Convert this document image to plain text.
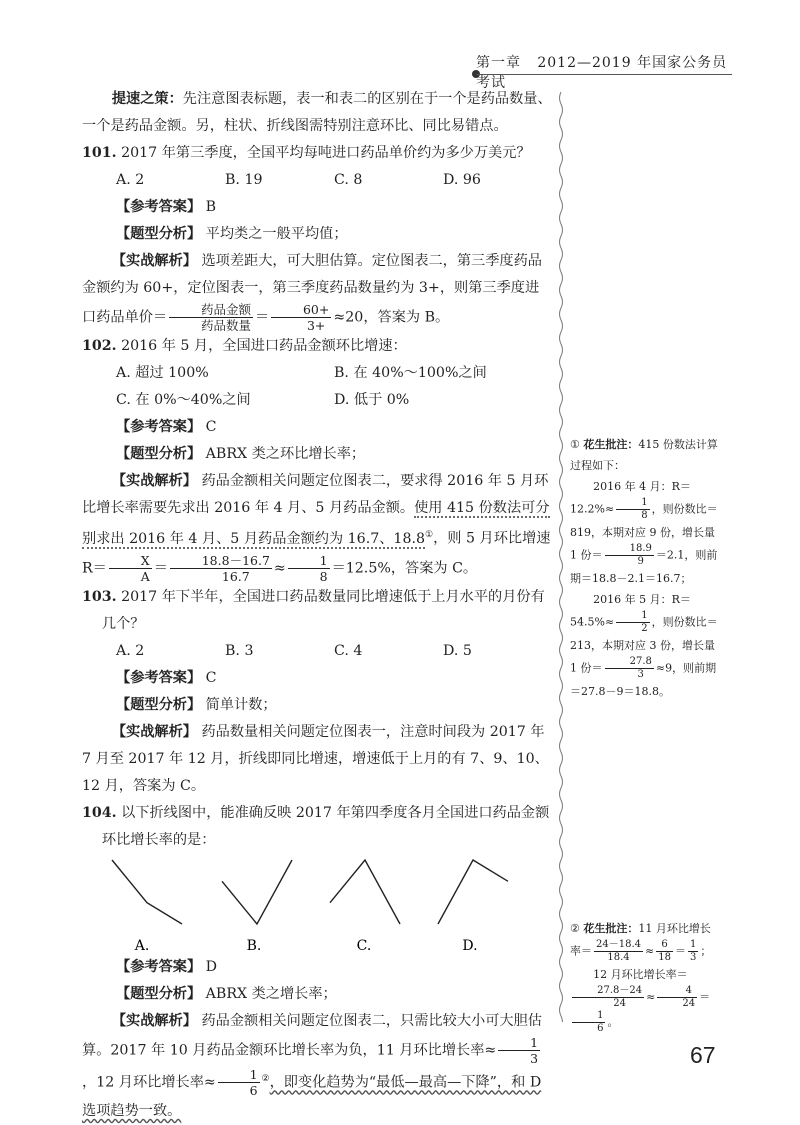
第一章 2012—2019 年国家公务员考试

提速之策：先注意图表标题，表一和表二的区别在于一个是药品数量、一个是药品金额。另，柱状、折线图需特别注意环比、同比易错点。

101. 2017 年第三季度，全国平均每吨进口药品单价约为多少万美元？

A. 2	B. 19	C. 8	D. 96

【参考答案】 B

【题型分析】 平均类之一般平均值；

【实战解析】 选项差距大，可大胆估算。定位图表二，第三季度药品金额约为 60+，定位图表一，第三季度药品数量约为 3+，则第三季度进口药品单价＝ $\frac{\text{药品金额}}{\text{药品数量}} = \frac{60+}{3+} \approx 20$，答案为 B。

102. 2016 年 5 月，全国进口药品金额环比增速：

A. 超过 100%	B. 在 40%～100%之间
C. 在 0%～40%之间	D. 低于 0%

【参考答案】 C

【题型分析】 ABRX 类之环比增长率；

【实战解析】 药品金额相关问题定位图表二，要求得 2016 年 5 月环比增长率需要先求出 2016 年 4 月、5 月药品金额。使用 415 份数法可分别求出 2016 年 4 月、5 月药品金额约为 16.7、18.8①，则 5 月环比增速 $R= \frac{X}{A} = \frac{18.8-16.7}{16.7} \approx \frac{1}{8} =12.5\%$，答案为 C。

103. 2017 年下半年，全国进口药品数量同比增速低于上月水平的月份有几个？

A. 2	B. 3	C. 4	D. 5

【参考答案】 C

【题型分析】 简单计数；

【实战解析】 药品数量相关问题定位图表一，注意时间段为 2017 年 7 月至 2017 年 12 月，折线即同比增速，增速低于上月的有 7、9、10、12 月，答案为 C。

104. 以下折线图中，能准确反映 2017 年第四季度各月全国进口药品金额环比增长率的是：

A.	B.	C.	D.

【参考答案】 D

【题型分析】 ABRX 类之增长率；

【实战解析】 药品金额相关问题定位图表二，只需比较大小可大胆估算。2017 年 10 月药品金额环比增长率为负，11 月环比增长率≈ $\frac{1}{3}$
，12 月环比增长率≈ $\frac{1}{6} ^②$，即变化趋势为“最低—最高—下降”，和 D 选项趋势一致。

① 花生批注：415 份数法计算过程如下：

2016 年 4 月：$R=12.2\%\approx \frac{1}{8}$ ，则份数比＝819，本期对应 9 份，增长量 1 份＝ $\frac{18.9}{9} =2.1$，则前期＝18.8－2.1＝16.7；

2016 年 5 月：$R=54.5\%\approx \frac{1}{2}$ ，则份数比＝213，本期对应 3 份，增长量 1 份＝ $\frac{27.8}{3} \approx 9$，则前期＝27.8－9＝18.8。

② 花生批注：11 月环比增长率＝ $\frac{24-18.4}{18.4} \approx \frac{6}{18} = \frac{1}{3}$ ；

12 月环比增长率＝
$\frac{27.8-24}{24} \approx \frac{4}{24}$ ＝
$\frac{1}{6}$ 。

67
